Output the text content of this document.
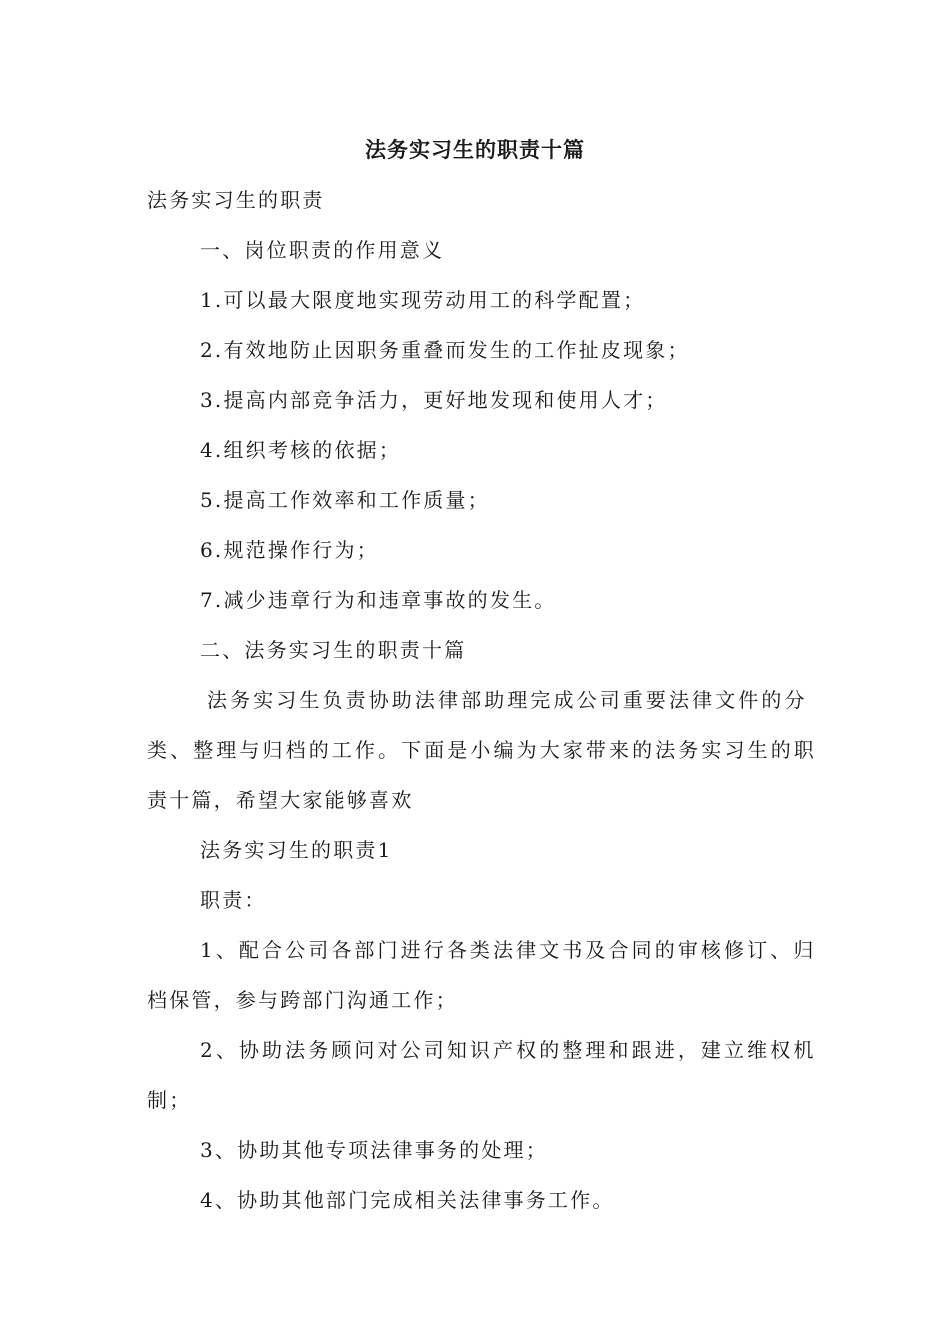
法务实习生的职责十篇
法务实习生的职责
一、岗位职责的作用意义
1.可以最大限度地实现劳动用工的科学配置；
2.有效地防止因职务重叠而发生的工作扯皮现象；
3.提高内部竞争活力，更好地发现和使用人才；
4.组织考核的依据；
5.提高工作效率和工作质量；
6.规范操作行为；
7.减少违章行为和违章事故的发生。
二、法务实习生的职责十篇
法务实习生负责协助法律部助理完成公司重要法律文件的分
类、整理与归档的工作。下面是小编为大家带来的法务实习生的职
责十篇，希望大家能够喜欢
法务实习生的职责1
职责：
1、配合公司各部门进行各类法律文书及合同的审核修订、归
档保管，参与跨部门沟通工作；
2、协助法务顾问对公司知识产权的整理和跟进，建立维权机
制；
3、协助其他专项法律事务的处理；
4、协助其他部门完成相关法律事务工作。
